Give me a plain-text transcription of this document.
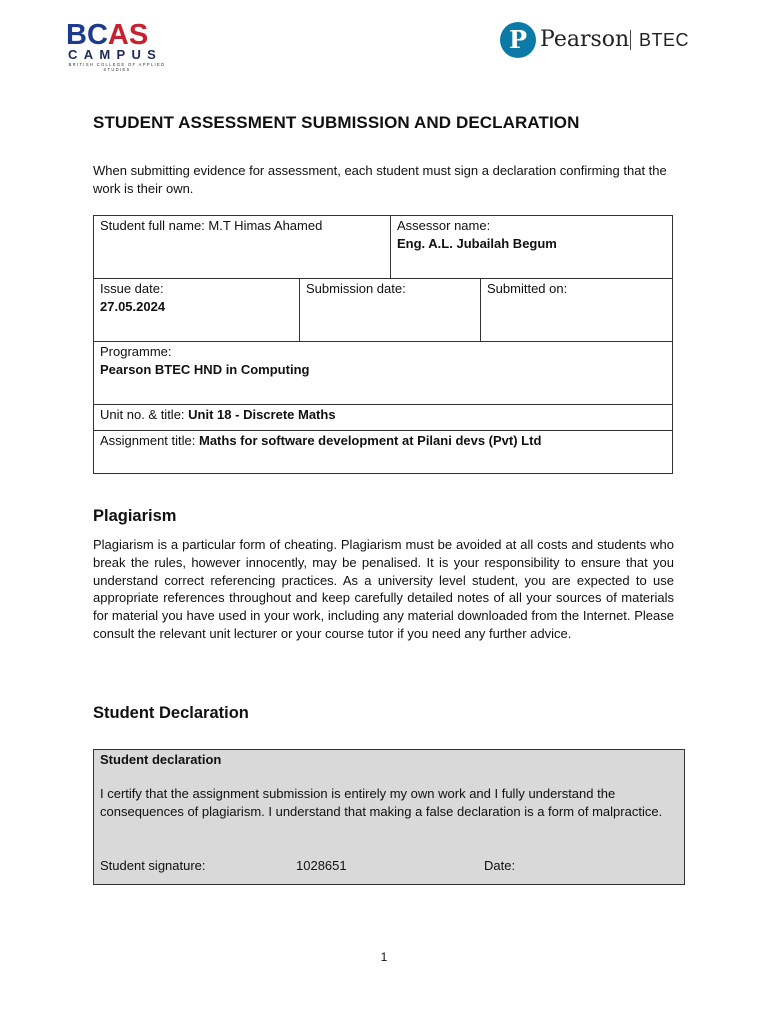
BCAS
CAMPUS
BRITISH COLLEGE OF APPLIED STUDIES
P Pearson BTEC
STUDENT ASSESSMENT SUBMISSION AND DECLARATION
When submitting evidence for assessment, each student must sign a declaration confirming that the work is their own.
Student full name: M.T Himas Ahamed	Assessor name:
Eng. A.L. Jubailah Begum
Issue date:
27.05.2024
Submission date:	Submitted on:
Programme:
Pearson BTEC HND in Computing
Unit no. & title: Unit 18 - Discrete Maths
Assignment title: Maths for software development at Pilani devs (Pvt) Ltd
Plagiarism
Plagiarism is a particular form of cheating. Plagiarism must be avoided at all costs and students who break the rules, however innocently, may be penalised. It is your responsibility to ensure that you understand correct referencing practices. As a university level student, you are expected to use appropriate references throughout and keep carefully detailed notes of all your sources of materials for material you have used in your work, including any material downloaded from the Internet. Please consult the relevant unit lecturer or your course tutor if you need any further advice.
Student Declaration
Student declaration
I certify that the assignment submission is entirely my own work and I fully understand the consequences of plagiarism. I understand that making a false declaration is a form of malpractice.
Student signature:	1028651	Date:
1
